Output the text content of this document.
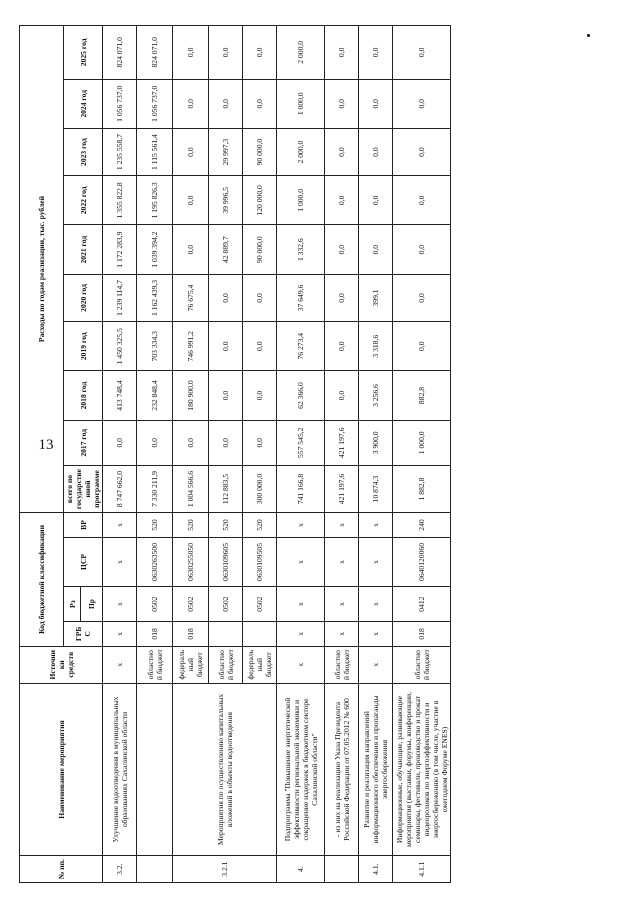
13
№ пп.	Наименование мероприятия	Источники средств	Код бюджетной классификации				Расходы по годам реализации, тыс. рублей									
			ГРБС	Рз	ЦСР	ВР	всего по государственной программе	2017 год	2018 год	2019 год	2020 год	2021 год	2022 год	2023 год	2024 год	2025 год
				Пр												
3.2.	Улучшение водоотведения в муниципальных образованиях Сахалинской области	x	x	x	x	x	8 747 662,0	0,0	413 748,4	1 450 325,5	1 239 114,7	1 172 283,9	1 355 822,8	1 235 558,7	1 056 737,0	824 071,0
		областной бюджет	018	0502	0630263500	520	7 330 211,9	0,0	232 848,4	703 334,3	1 162 439,3	1 039 394,2	1 195 826,3	1 115 561,4	1 056 737,0	824 071,0
3.2.1	Мероприятия по осуществлению капитальных вложений в объекты водоотведения	федеральный бюджет	018	0502	0630255050	520	1 004 566,6	0,0	180 900,0	746 991,2	76 675,4	0,0	0,0	0,0	0,0	0,0
		областной бюджет		0502	0630109605	520	112 883,5	0,0	0,0	0,0	0,0	42 889,7	39 996,5	29 997,3	0,0	0,0
		федеральный бюджет		0502	0630109505	520	300 000,0	0,0	0,0	0,0	0,0	90 000,0	120 000,0	90 000,0	0,0	0,0
4.	Подпрограмма "Повышение энергетической эффективности региональной экономики и сокращение издержек в бюджетном секторе Сахалинской области"	x	x	x	x	x	741 166,8	557 545,2	62 366,0	76 273,4	37 649,6	1 332,6	1 000,0	2 000,0	1 000,0	2 000,0
	- из них на реализацию Указа Президента Российской Федерации от 07.05.2012 № 600	областной бюджет	x	x	x	x	421 197,6	421 197,6	0,0	0,0	0,0	0,0	0,0	0,0	0,0	0,0
4.1.	Развитие и реализация направлений информационного обеспечения и пропаганды энергосбережения	x	x	x	x	x	10 874,3	3 900,0	3 256,6	3 318,6	399,1	0,0	0,0	0,0	0,0	0,0
4.1.1	Информационные, обучающие, развивающие мероприятия (выставки, форумы, конференции, семинары, фестивали, производство и прокат видеороликов по энергоэффективности и энергосбережению (в том числе, участие в ежегодном Форуме ENES)	областной бюджет	018	0412	0640120060	240	1 882,8	1 000,0	882,8	0,0	0,0	0,0	0,0	0,0	0,0	0,0
